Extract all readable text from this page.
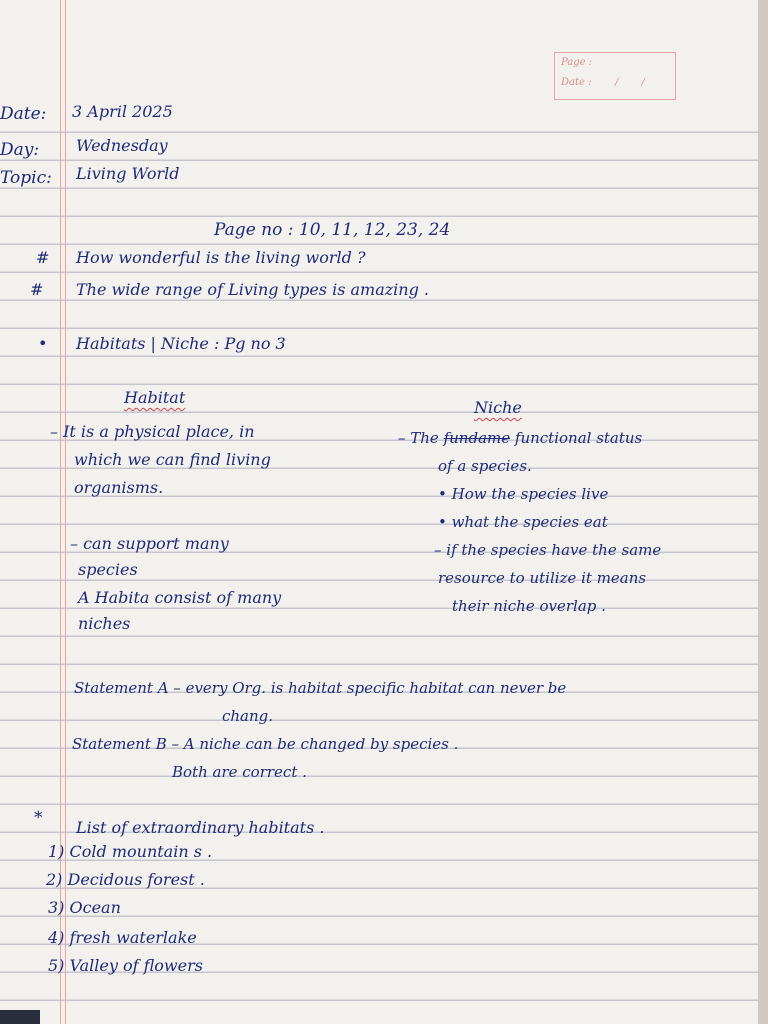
Page :
Date : / /
Date: 3 April 2025
Day: Wednesday
Topic: Living World
Page no : 10, 11, 12, 23, 24
# How wonderful is the living world ?
# The wide range of Living types is amazing .
• Habitats | Niche : Pg no 3
Habitat
– It is a physical place, in
which we can find living
organisms.
– can support many
species
A Habita consist of many
niches
Niche
– The fundame functional status
of a species.
• How the species live
• what the species eat
– if the species have the same
resource to utilize it means
their niche overlap .
Statement A – every Org. is habitat specific habitat can never be
chang.
Statement B – A niche can be changed by species .
Both are correct .
* List of extraordinary habitats .
1) Cold mountain s .
2) Decidous forest .
3) Ocean
4) fresh waterlake
5) Valley of flowers
